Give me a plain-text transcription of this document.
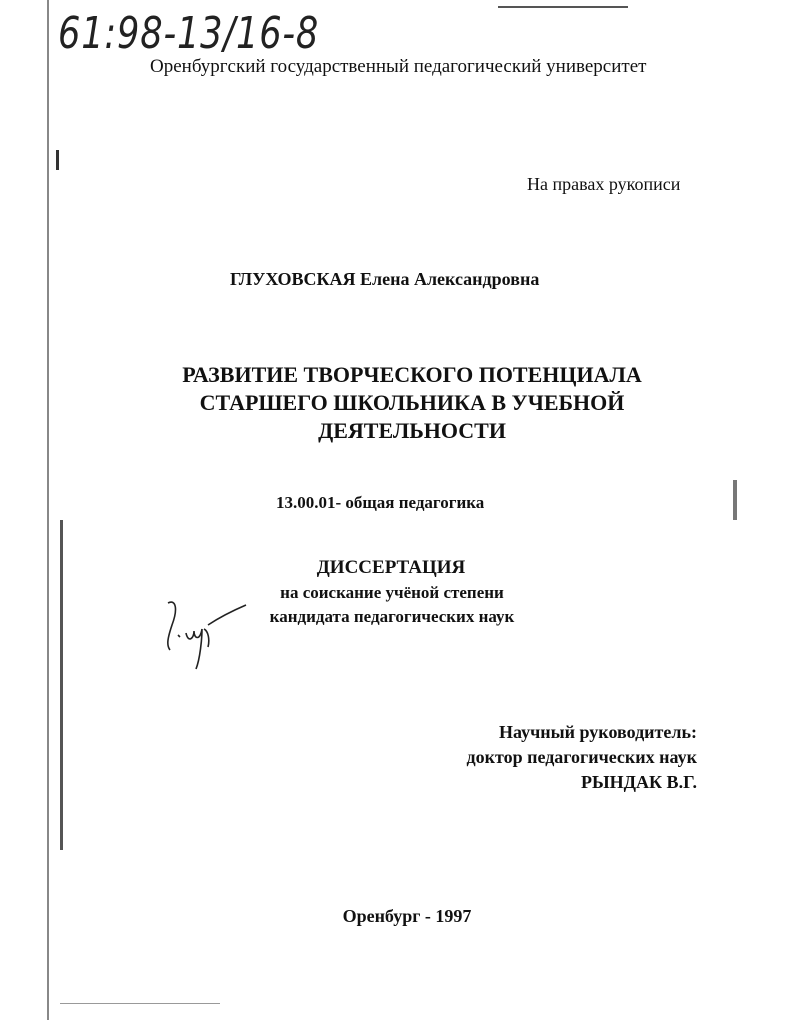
61:98-13/16-8
Оренбургский государственный педагогический университет
На правах рукописи
ГЛУХОВСКАЯ Елена Александровна
РАЗВИТИЕ ТВОРЧЕСКОГО ПОТЕНЦИАЛА
СТАРШЕГО ШКОЛЬНИКА В УЧЕБНОЙ
ДЕЯТЕЛЬНОСТИ
13.00.01- общая педагогика
ДИССЕРТАЦИЯ
на соискание учёной степени
кандидата педагогических наук
Научный руководитель:
доктор педагогических наук
РЫНДАК В.Г.
Оренбург - 1997
